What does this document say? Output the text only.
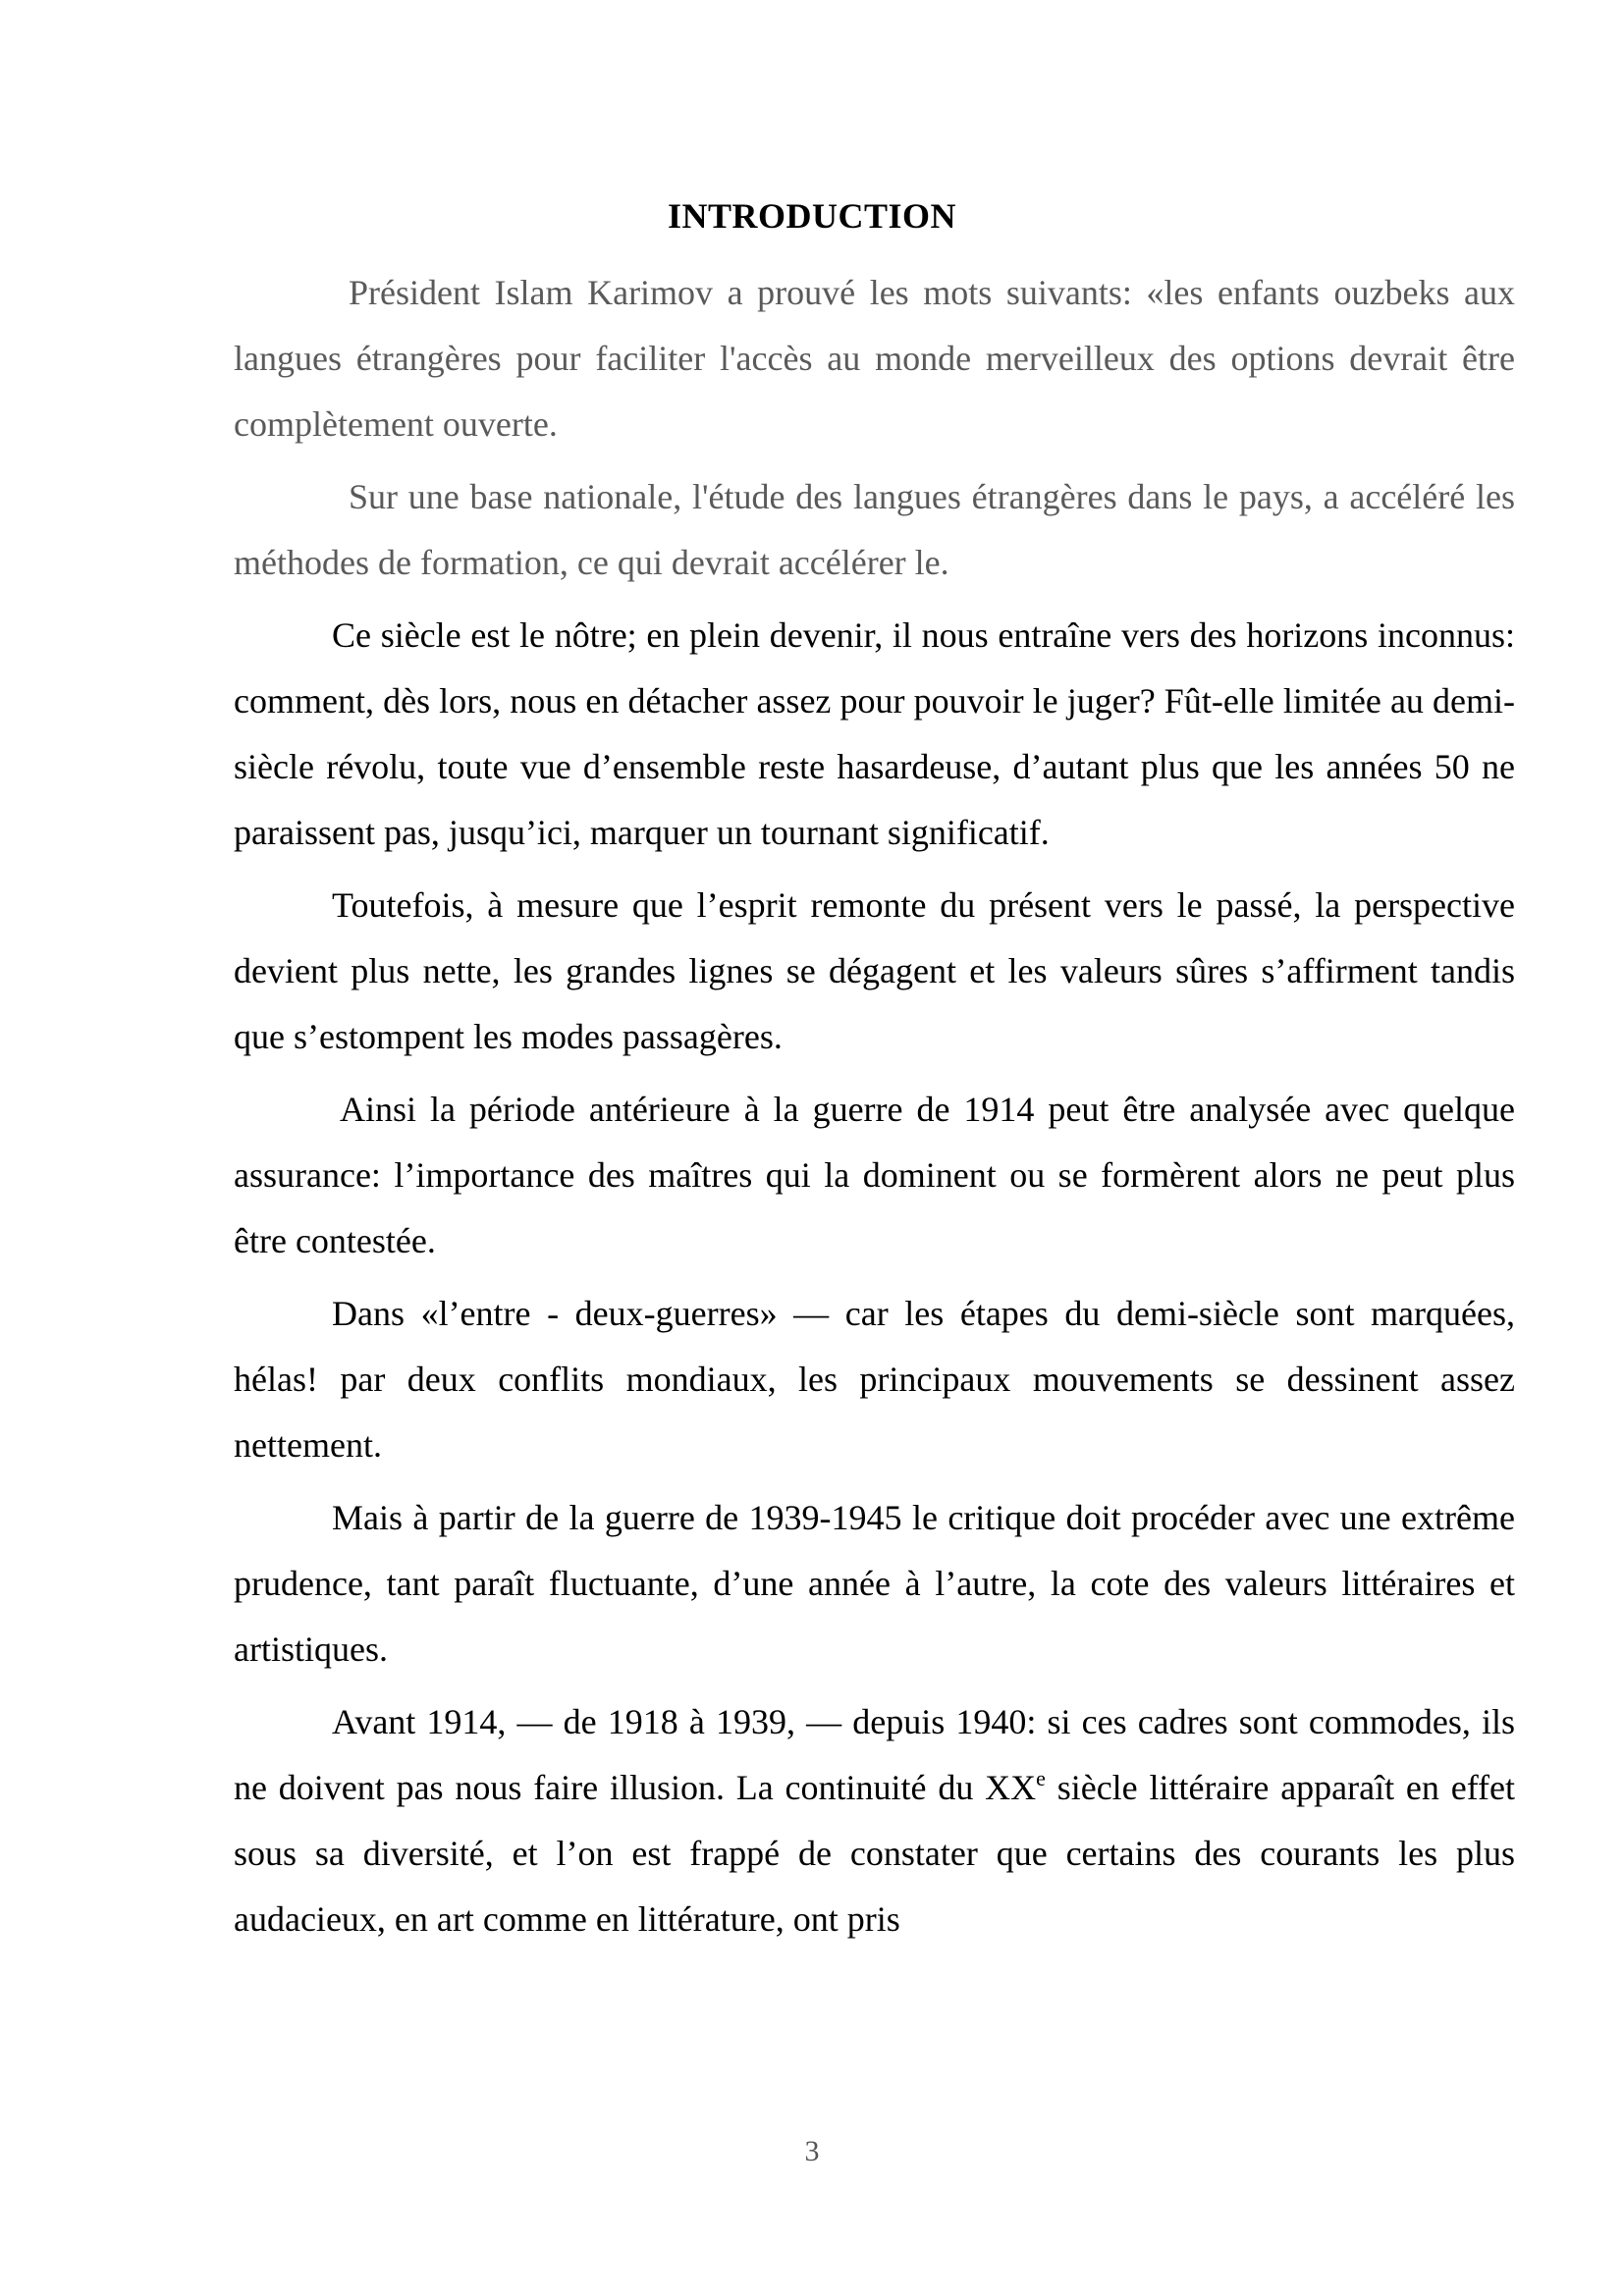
INTRODUCTION

Président Islam Karimov a prouvé les mots suivants: «les enfants ouzbeks aux langues étrangères pour faciliter l'accès au monde merveilleux des options devrait être complètement ouverte.

Sur une base nationale, l'étude des langues étrangères dans le pays, a accéléré les méthodes de formation, ce qui devrait accélérer le.

Ce siècle est le nôtre; en plein devenir, il nous entraîne vers des horizons inconnus: comment, dès lors, nous en détacher assez pour pouvoir le juger? Fût-elle limitée au demi-siècle révolu, toute vue d’ensemble reste hasardeuse, d’autant plus que les années 50 ne paraissent pas, jusqu’ici, marquer un tournant significatif.

Toutefois, à mesure que l’esprit remonte du présent vers le passé, la perspective devient plus nette, les grandes lignes se dégagent et les valeurs sûres s’affirment tandis que s’estompent les modes passagères.

Ainsi la période antérieure à la guerre de 1914 peut être analysée avec quelque assurance: l’importance des maîtres qui la dominent ou se formèrent alors ne peut plus être contestée.

Dans «l’entre - deux-guerres» — car les étapes du demi-siècle sont marquées, hélas! par deux conflits mondiaux, les principaux mouvements se dessinent assez nettement.

Mais à partir de la guerre de 1939-1945 le critique doit procéder avec une extrême prudence, tant paraît fluctuante, d’une année à l’autre, la cote des valeurs littéraires et artistiques.

Avant 1914, — de 1918 à 1939, — depuis 1940: si ces cadres sont commodes, ils ne doivent pas nous faire illusion. La continuité du XXe siècle littéraire apparaît en effet sous sa diversité, et l’on est frappé de constater que certains des courants les plus audacieux, en art comme en littérature, ont pris

3
